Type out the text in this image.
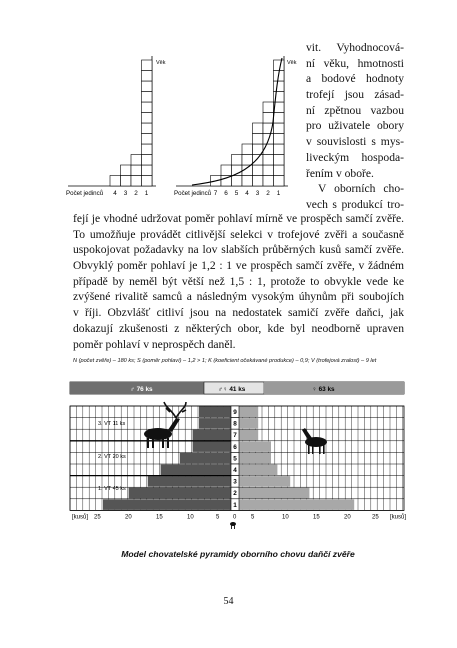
Věk
Počet jedinců 4 3 2 1
Věk
Počet jedinců 7 6 5 4 3 2 1
vit. Vyhodnocová-
ní věku, hmotnosti
a bodové hodnoty
trofejí jsou zásad-
ní zpětnou vazbou
pro uživatele obory
v souvislosti s mys-
liveckým hospoda-
řením v oboře.
V oborních cho-
vech s produkcí tro-
fejí je vhodné udržovat poměr pohlaví mírně ve prospěch samčí zvěře.
To umožňuje provádět citlivější selekci v trofejové zvěři a současně
uspokojovat požadavky na lov slabších průběrných kusů samčí zvěře.
Obvyklý poměr pohlaví je 1,2 : 1 ve prospěch samčí zvěře, v žádném
případě by neměl být větší než 1,5 : 1, protože to obvykle vede ke
zvýšené rivalitě samců a následným vysokým úhynům při soubojích
v říji. Obzvlášť citliví jsou na nedostatek samičí zvěře daňci, jak
dokazují zkušenosti z některých obor, kde byl neodborně upraven
poměr pohlaví v neprospěch daněl.
N (počet zvěře) – 180 ks; S (poměr pohlaví) – 1,2 > 1; K (koeficient očekávané produkce) – 0,9; V (trofejová zralost) – 9 let
♂ 76 ks	♂♀ 41 ks	♀ 63 ks
9
8
7
6
5
4
3
2
1
3. VT 11 ks
2. VT 20 ks
1. VT 45 ks
[kusů] 25	20	15	10	5 0 5	10	15	20	25 [kusů]
Model chovatelské pyramidy oborního chovu daňčí zvěře
54
